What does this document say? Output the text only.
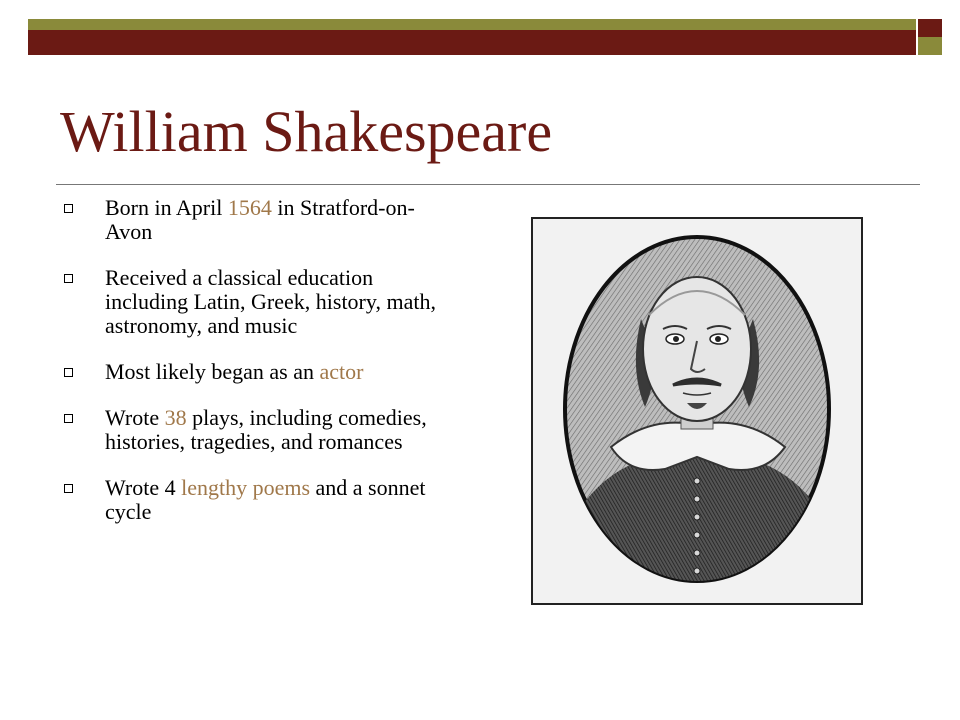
William Shakespeare
Born in April 1564 in Stratford-on-Avon
Received a classical education including Latin, Greek, history, math, astronomy, and music
Most likely began as an actor
Wrote 38 plays, including comedies, histories, tragedies, and romances
Wrote 4 lengthy poems and a sonnet cycle
